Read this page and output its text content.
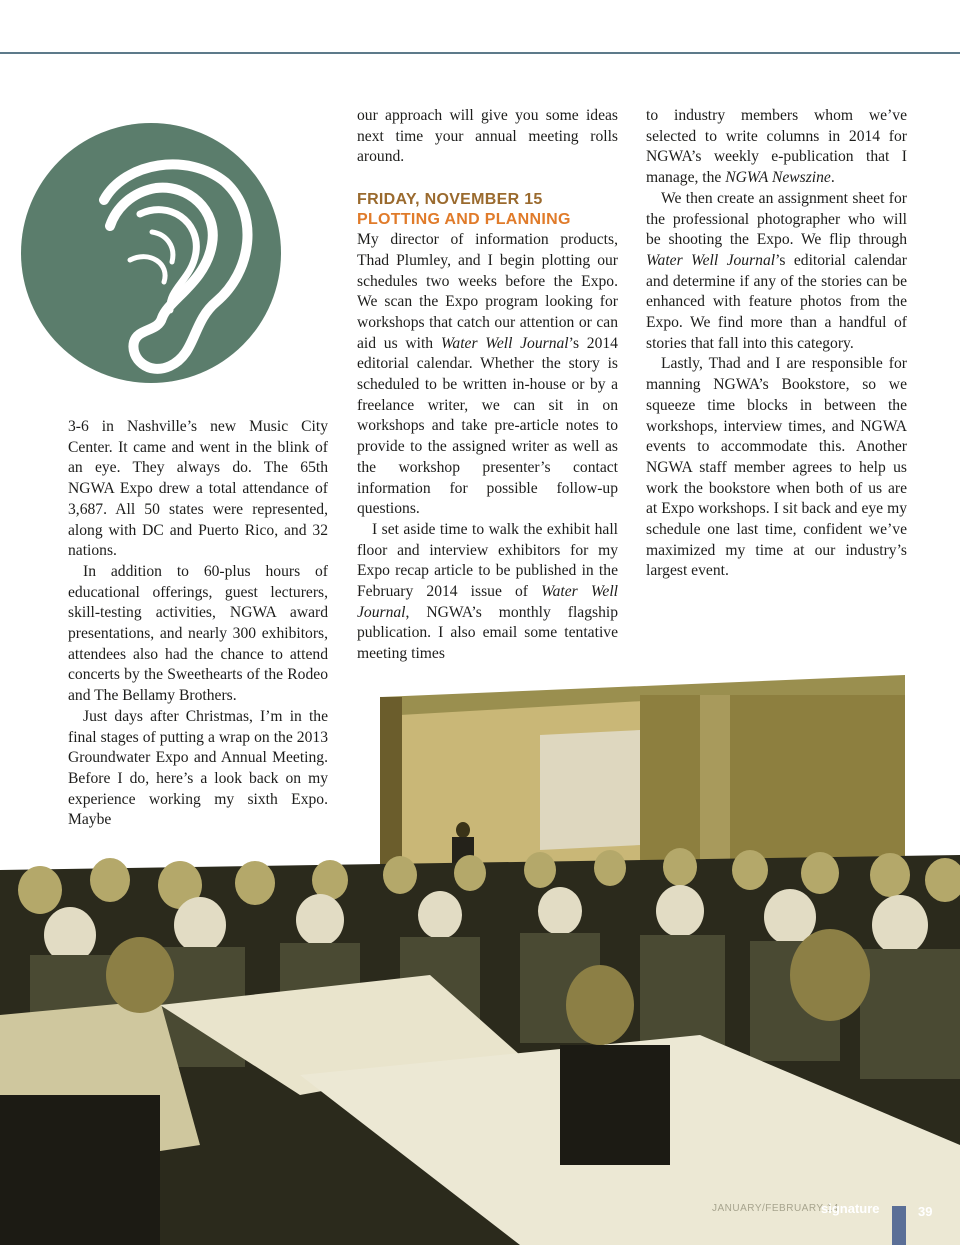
3-6 in Nashville’s new Music City Center. It came and went in the blink of an eye. They always do. The 65th NGWA Expo drew a total attendance of 3,687. All 50 states were represented, along with DC and Puerto Rico, and 32 nations.

In addition to 60-plus hours of educational offerings, guest lecturers, skill-testing activities, NGWA award presentations, and nearly 300 exhibitors, attendees also had the chance to attend concerts by the Sweethearts of the Rodeo and The Bellamy Brothers.

Just days after Christmas, I’m in the final stages of putting a wrap on the 2013 Groundwater Expo and Annual Meeting. Before I do, here’s a look back on my experience working my sixth Expo. Maybe

our approach will give you some ideas next time your annual meeting rolls around.

FRIDAY, NOVEMBER 15
PLOTTING AND PLANNING

My director of information products, Thad Plumley, and I begin plotting our schedules two weeks before the Expo. We scan the Expo program looking for workshops that catch our attention or can aid us with Water Well Journal’s 2014 editorial calendar. Whether the story is scheduled to be written in-house or by a freelance writer, we can sit in on workshops and take pre-article notes to provide to the assigned writer as well as the workshop presenter’s contact information for possible follow-up questions.

I set aside time to walk the exhibit hall floor and interview exhibitors for my Expo recap article to be published in the February 2014 issue of Water Well Journal, NGWA’s monthly flagship publication. I also email some tentative meeting times

to industry members whom we’ve selected to write columns in 2014 for NGWA’s weekly e-publication that I manage, the NGWA Newszine.

We then create an assignment sheet for the professional photographer who will be shooting the Expo. We flip through Water Well Journal’s editorial calendar and determine if any of the stories can be enhanced with feature photos from the Expo. We find more than a handful of stories that fall into this category.

Lastly, Thad and I are responsible for manning NGWA’s Bookstore, so we squeeze time blocks in between the workshops, interview times, and NGWA events to accommodate this. Another NGWA staff member agrees to help us work the bookstore when both of us are at Expo workshops. I sit back and eye my schedule one last time, confident we’ve maximized my time at our industry’s largest event.

JANUARY/FEBRUARY 14
signature	39
